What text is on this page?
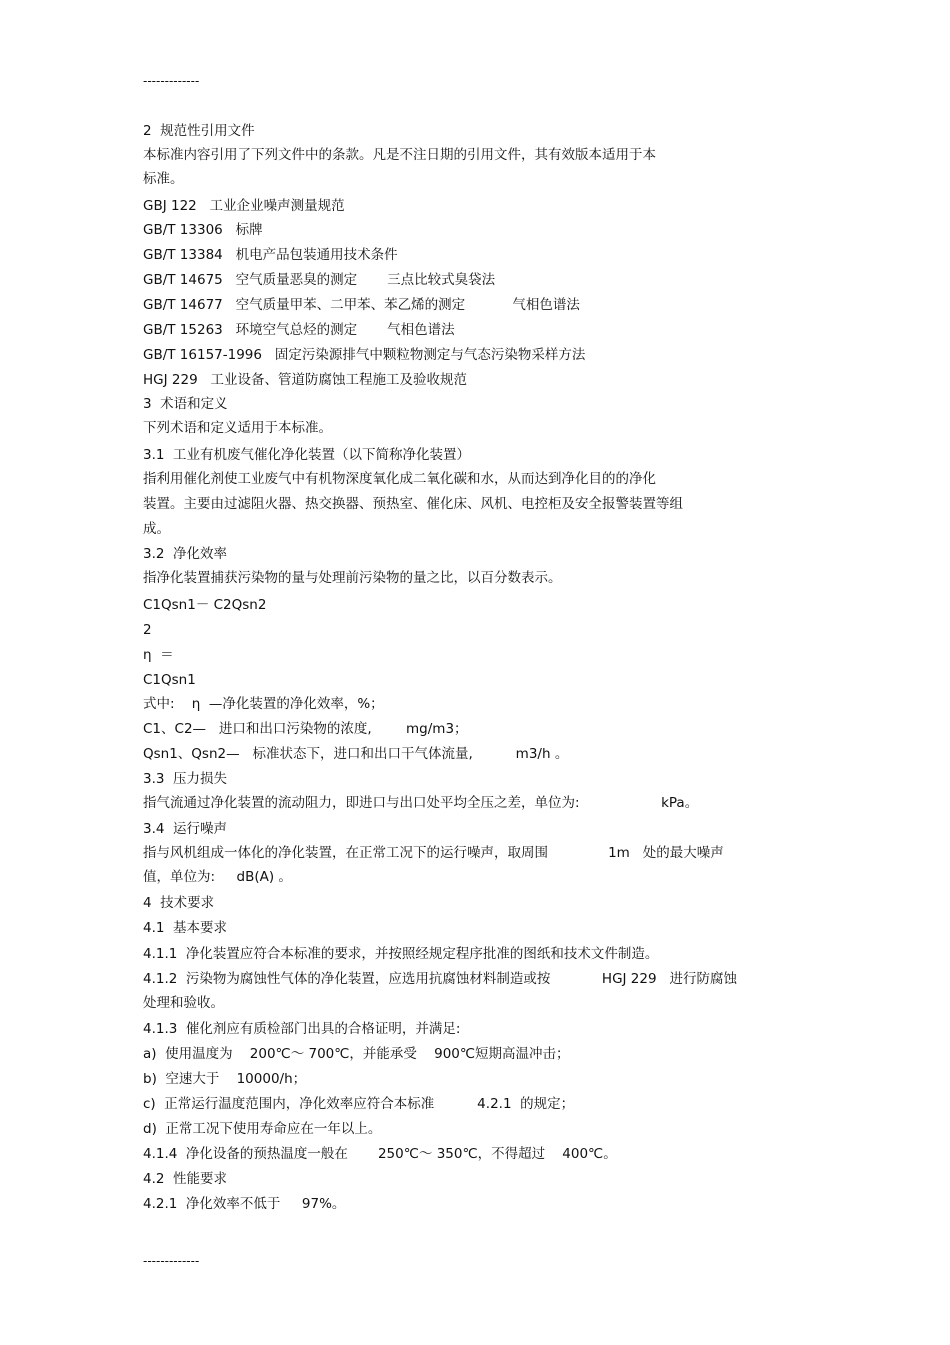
-------------
2  规范性引用文件
本标准内容引用了下列文件中的条款。凡是不注日期的引用文件，其有效版本适用于本
标准。
GBJ 122   工业企业噪声测量规范
GB/T 13306   标牌
GB/T 13384   机电产品包装通用技术条件
GB/T 14675   空气质量恶臭的测定       三点比较式臭袋法
GB/T 14677   空气质量甲苯、二甲苯、苯乙烯的测定           气相色谱法
GB/T 15263   环境空气总烃的测定       气相色谱法
GB/T 16157-1996   固定污染源排气中颗粒物测定与气态污染物采样方法
HGJ 229   工业设备、管道防腐蚀工程施工及验收规范
3  术语和定义
下列术语和定义适用于本标准。
3.1  工业有机废气催化净化装置（以下简称净化装置）
指利用催化剂使工业废气中有机物深度氧化成二氧化碳和水，从而达到净化目的的净化
装置。主要由过滤阻火器、热交换器、预热室、催化床、风机、电控柜及安全报警装置等组
成。
3.2  净化效率
指净化装置捕获污染物的量与处理前污染物的量之比，以百分数表示。
C1Qsn1－ C2Qsn2
2
η  ＝
C1Qsn1
式中:    η  —净化装置的净化效率，%；
C1、C2—   进口和出口污染物的浓度,        mg/m3；
Qsn1、Qsn2—   标准状态下，进口和出口干气体流量,          m3/h 。
3.3  压力损失
指气流通过净化装置的流动阻力，即进口与出口处平均全压之差，单位为:                   kPa。
3.4  运行噪声
指与风机组成一体化的净化装置，在正常工况下的运行噪声，取周围              1m   处的最大噪声
值，单位为:     dB(A) 。
4  技术要求
4.1  基本要求
4.1.1  净化装置应符合本标准的要求，并按照经规定程序批准的图纸和技术文件制造。
4.1.2  污染物为腐蚀性气体的净化装置，应选用抗腐蚀材料制造或按            HGJ 229   进行防腐蚀
处理和验收。
4.1.3  催化剂应有质检部门出具的合格证明，并满足:
a)  使用温度为    200℃～ 700℃，并能承受    900℃短期高温冲击；
b)  空速大于    10000/h；
c)  正常运行温度范围内，净化效率应符合本标准          4.2.1  的规定；
d)  正常工况下使用寿命应在一年以上。
4.1.4  净化设备的预热温度一般在       250℃～ 350℃，不得超过    400℃。
4.2  性能要求
4.2.1  净化效率不低于     97%。
-------------
